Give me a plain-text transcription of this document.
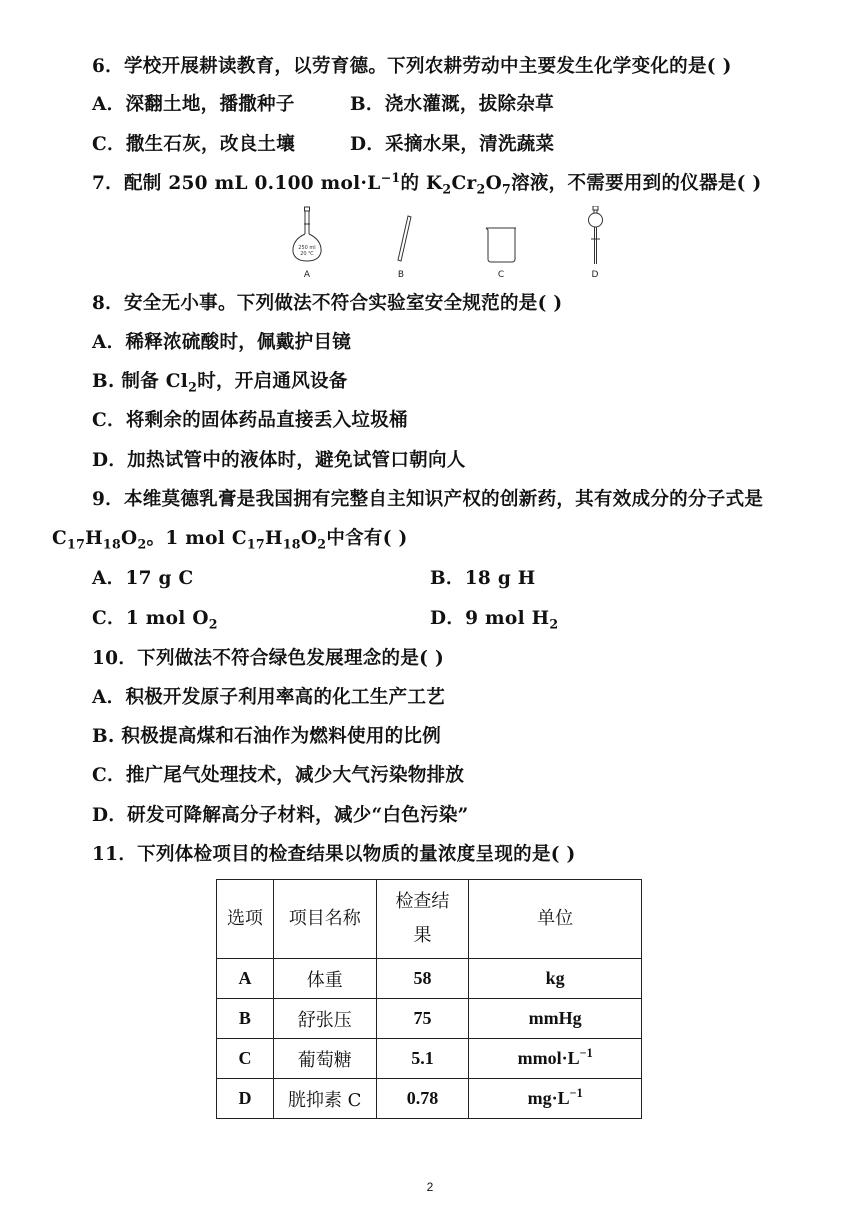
6．学校开展耕读教育，以劳育德。下列农耕劳动中主要发生化学变化的是( )
A．深翻土地，播撒种子	B．浇水灌溉，拔除杂草
C．撒生石灰，改良土壤	D．采摘水果，清洗蔬菜
7．配制 250 mL 0.100 $mol\cdot L^{-1}$的 $K_2Cr_2O_7$溶液，不需要用到的仪器是( )
250 ml
20 ℃
A	B	C	D
8．安全无小事。下列做法不符合实验室安全规范的是( )
A．稀释浓硫酸时，佩戴护目镜
B. 制备 $Cl_2$时，开启通风设备
C．将剩余的固体药品直接丢入垃圾桶
D．加热试管中的液体时，避免试管口朝向人
9．本维莫德乳膏是我国拥有完整自主知识产权的创新药，其有效成分的分子式是
$C_{17}H_{18}O_2$。1 mol $C_{17}H_{18}O_2$中含有( )
A．17 g C	B．18 g H
C．1 mol $O_2$	D．9 mol $H_2$
10．下列做法不符合绿色发展理念的是( )
A．积极开发原子利用率高的化工生产工艺
B. 积极提高煤和石油作为燃料使用的比例
C．推广尾气处理技术，减少大气污染物排放
D．研发可降解高分子材料，减少“白色污染”
11．下列体检项目的检查结果以物质的量浓度呈现的是( )
选项	项目名称	检查结果	单位
A	体重	58	kg
B	舒张压	75	mmHg
C	葡萄糖	5.1	$mmol\cdot L^{-1}$
D	胱抑素 C	0.78	$mg\cdot L^{-1}$
2
